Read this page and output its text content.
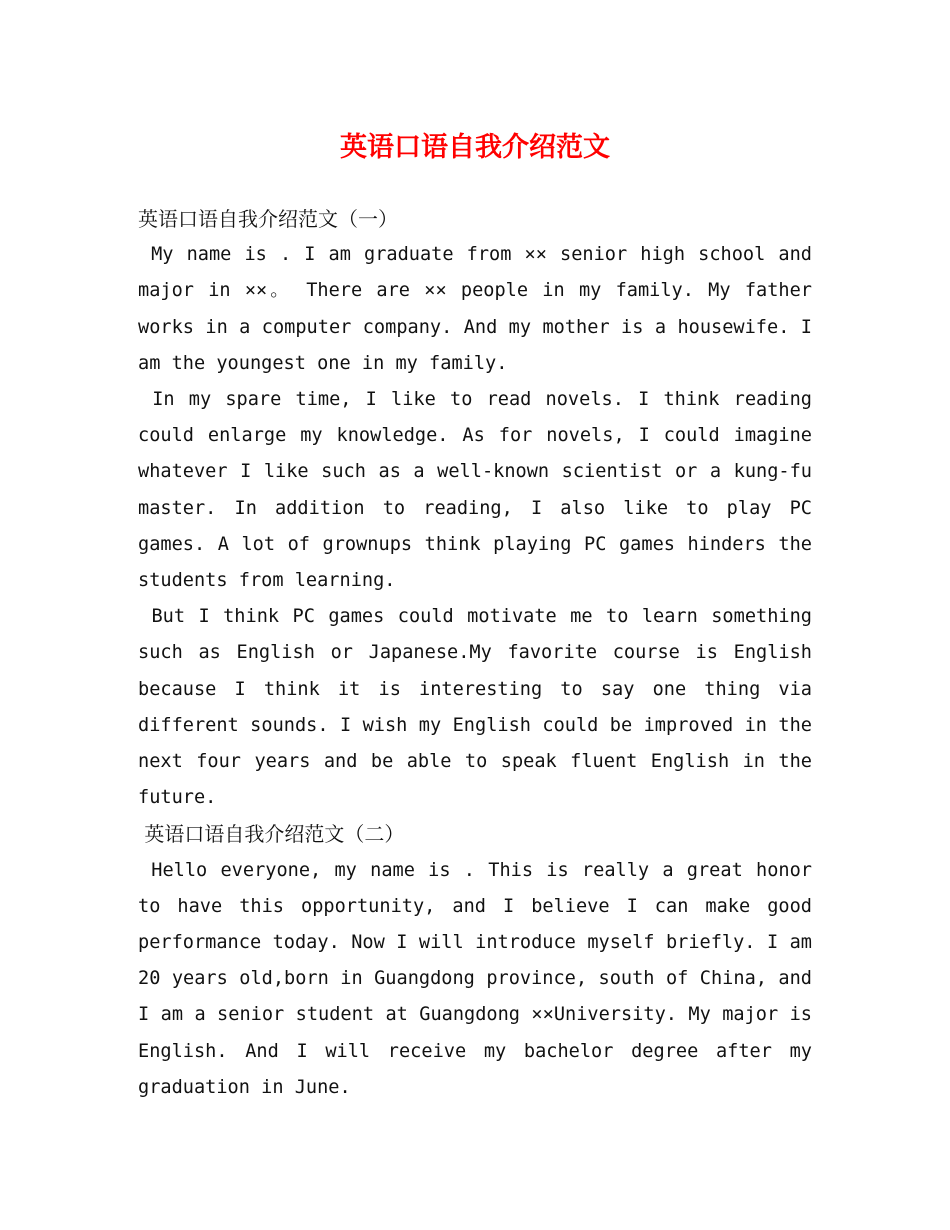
英语口语自我介绍范文
英语口语自我介绍范文（一）

My name is . I am graduate from ×× senior high school and major in ××。 There are ×× people in my family. My father works in a computer company. And my mother is a housewife. I am the youngest one in my family.

In my spare time, I like to read novels. I think reading could enlarge my knowledge. As for novels, I could imagine whatever I like such as a well-known scientist or a kung-fu master. In addition to reading, I also like to play PC games. A lot of grownups think playing PC games hinders the students from learning.

But I think PC games could motivate me to learn something such as English or Japanese.My favorite course is English because I think it is interesting to say one thing via different sounds. I wish my English could be improved in the next four years and be able to speak fluent English in the future.

英语口语自我介绍范文（二）

Hello everyone, my name is . This is really a great honor to have this opportunity, and I believe I can make good performance today. Now I will introduce myself briefly. I am 20 years old,born in Guangdong province, south of China, and I am a senior student at Guangdong ××University. My major is English. And I will receive my bachelor degree after my graduation in June.
